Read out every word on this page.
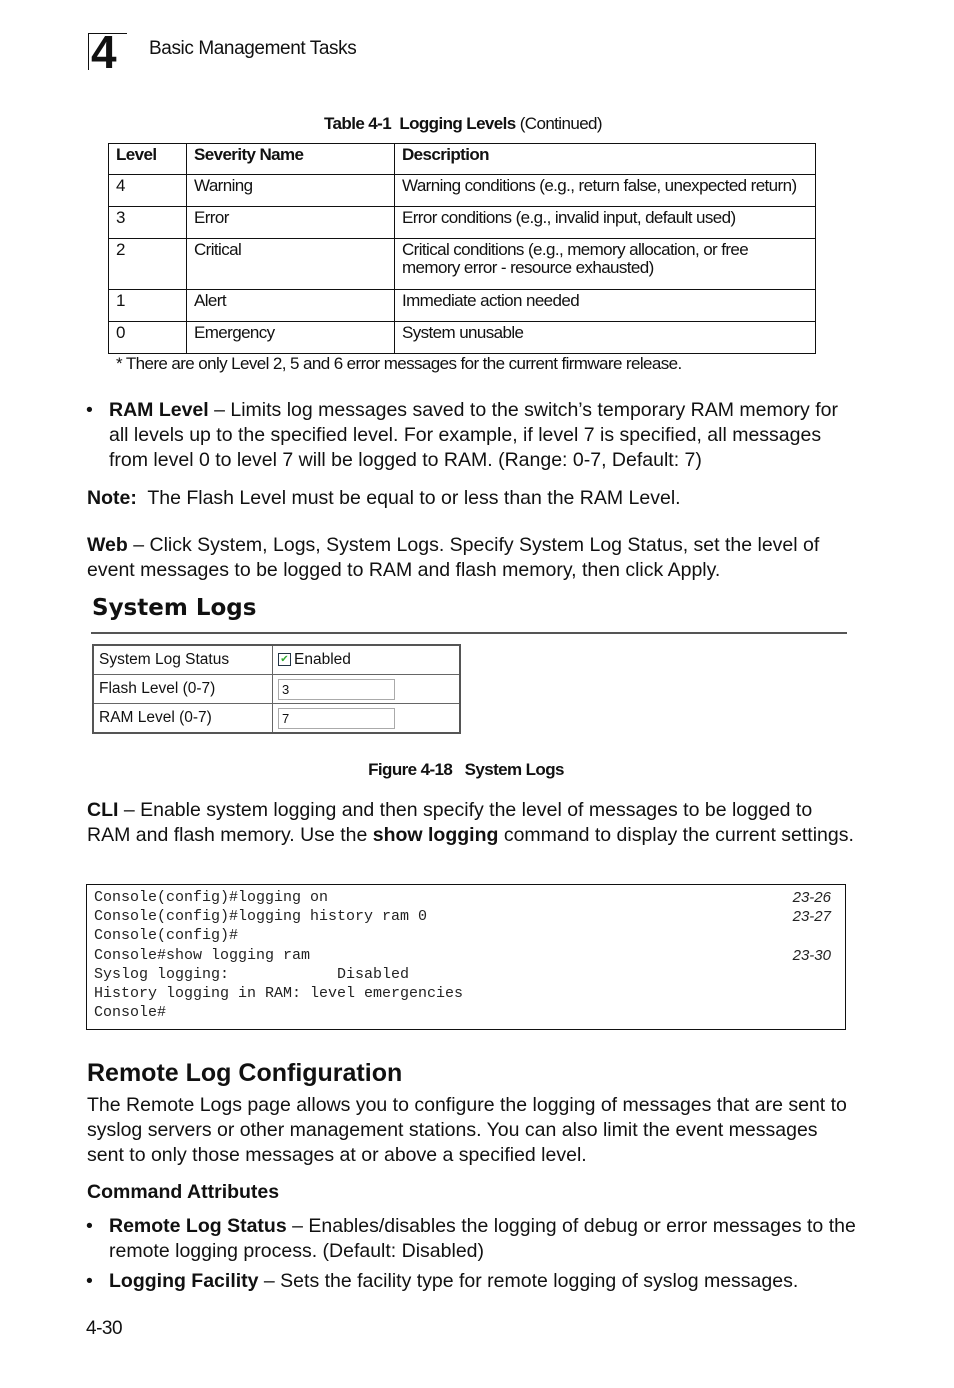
4 Basic Management Tasks
Table 4-1 Logging Levels (Continued)
Level	Severity Name	Description
4	Warning	Warning conditions (e.g., return false, unexpected return)
3	Error	Error conditions (e.g., invalid input, default used)
2	Critical	Critical conditions (e.g., memory allocation, or free memory error - resource exhausted)
1	Alert	Immediate action needed
0	Emergency	System unusable
* There are only Level 2, 5 and 6 error messages for the current firmware release.
• RAM Level – Limits log messages saved to the switch’s temporary RAM memory for all levels up to the specified level. For example, if level 7 is specified, all messages from level 0 to level 7 will be logged to RAM. (Range: 0-7, Default: 7)
Note: The Flash Level must be equal to or less than the RAM Level.
Web – Click System, Logs, System Logs. Specify System Log Status, set the level of event messages to be logged to RAM and flash memory, then click Apply.
System Logs
System Log Status	✔ Enabled
Flash Level (0-7)	3
RAM Level (0-7)	7
Figure 4-18 System Logs
CLI – Enable system logging and then specify the level of messages to be logged to RAM and flash memory. Use the show logging command to display the current settings.
Console(config)#logging on	23-26
Console(config)#logging history ram 0	23-27
Console(config)#
Console#show logging ram	23-30
Syslog logging:            Disabled
History logging in RAM: level emergencies
Console#
Remote Log Configuration
The Remote Logs page allows you to configure the logging of messages that are sent to syslog servers or other management stations. You can also limit the event messages sent to only those messages at or above a specified level.
Command Attributes
• Remote Log Status – Enables/disables the logging of debug or error messages to the remote logging process. (Default: Disabled)
• Logging Facility – Sets the facility type for remote logging of syslog messages.
4-30
